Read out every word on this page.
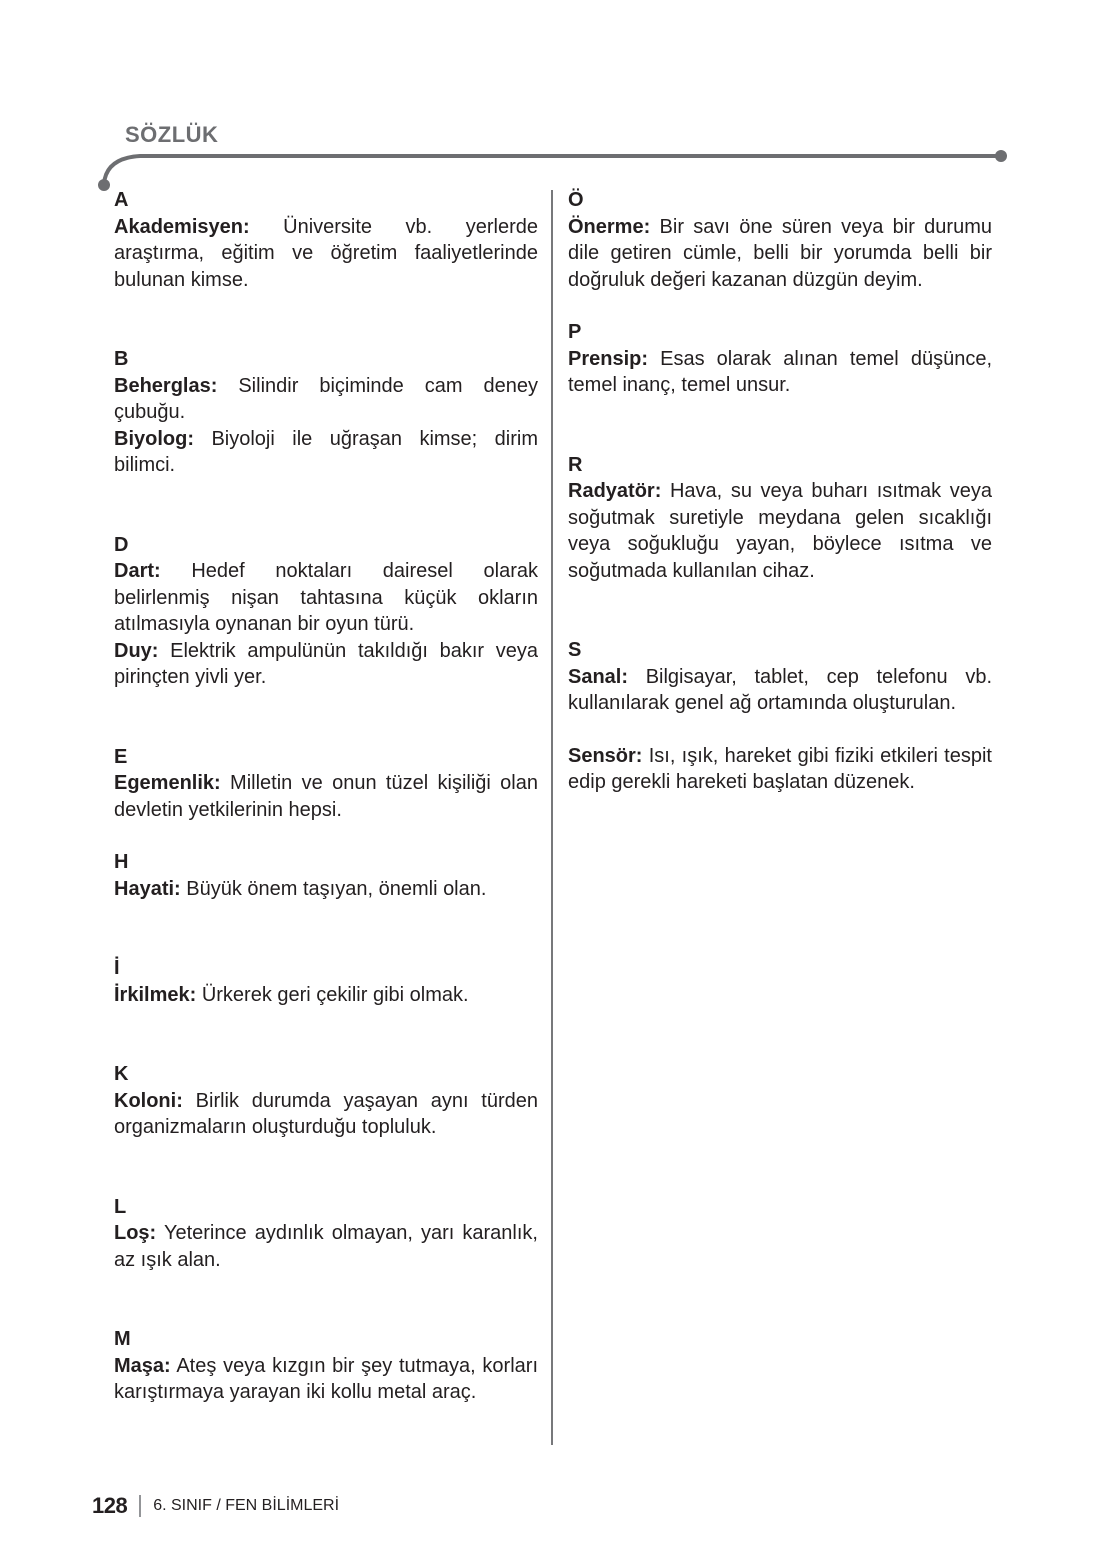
SÖZLÜK
A
Akademisyen: Üniversite vb. yerlerde araştırma, eğitim ve öğretim faaliyetlerinde bulunan kimse.
B
Beherglas: Silindir biçiminde cam deney çubuğu.
Biyolog: Biyoloji ile uğraşan kimse; dirim bilimci.
D
Dart: Hedef noktaları dairesel olarak belirlenmiş nişan tahtasına küçük okların atılmasıyla oynanan bir oyun türü.
Duy: Elektrik ampulünün takıldığı bakır veya pirinçten yivli yer.
E
Egemenlik: Milletin ve onun tüzel kişiliği olan devletin yetkilerinin hepsi.
H
Hayati: Büyük önem taşıyan, önemli olan.
İ
İrkilmek: Ürkerek geri çekilir gibi olmak.
K
Koloni: Birlik durumda yaşayan aynı türden organizmaların oluşturduğu topluluk.
L
Loş: Yeterince aydınlık olmayan, yarı karanlık, az ışık alan.
M
Maşa: Ateş veya kızgın bir şey tutmaya, korları karıştırmaya yarayan iki kollu metal araç.
Ö
Önerme: Bir savı öne süren veya bir durumu dile getiren cümle, belli bir yorumda belli bir doğruluk değeri kazanan düzgün deyim.
P
Prensip: Esas olarak alınan temel düşünce, temel inanç, temel unsur.
R
Radyatör: Hava, su veya buharı ısıtmak veya soğutmak suretiyle meydana gelen sıcaklığı veya soğukluğu yayan, böylece ısıtma ve soğutmada kullanılan cihaz.
S
Sanal: Bilgisayar, tablet, cep telefonu vb. kullanılarak genel ağ ortamında oluşturulan.
Sensör: Isı, ışık, hareket gibi fiziki etkileri tespit edip gerekli hareketi başlatan düzenek.
128 6. SINIF / FEN BİLİMLERİ
